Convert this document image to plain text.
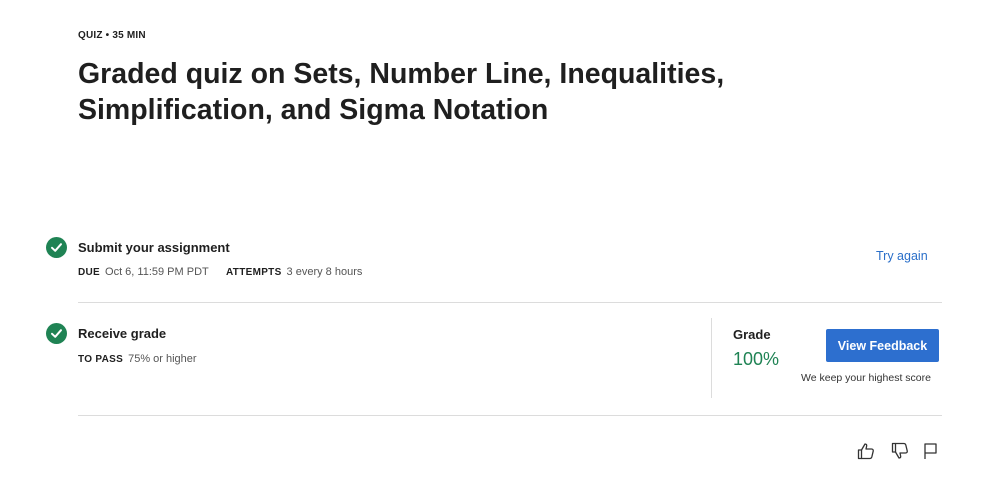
QUIZ • 35 MIN
Graded quiz on Sets, Number Line, Inequalities, Simplification, and Sigma Notation
Submit your assignment
DUE Oct 6, 11:59 PM PDT ATTEMPTS 3 every 8 hours
Try again
Receive grade
TO PASS 75% or higher
Grade
100%
View Feedback
We keep your highest score
